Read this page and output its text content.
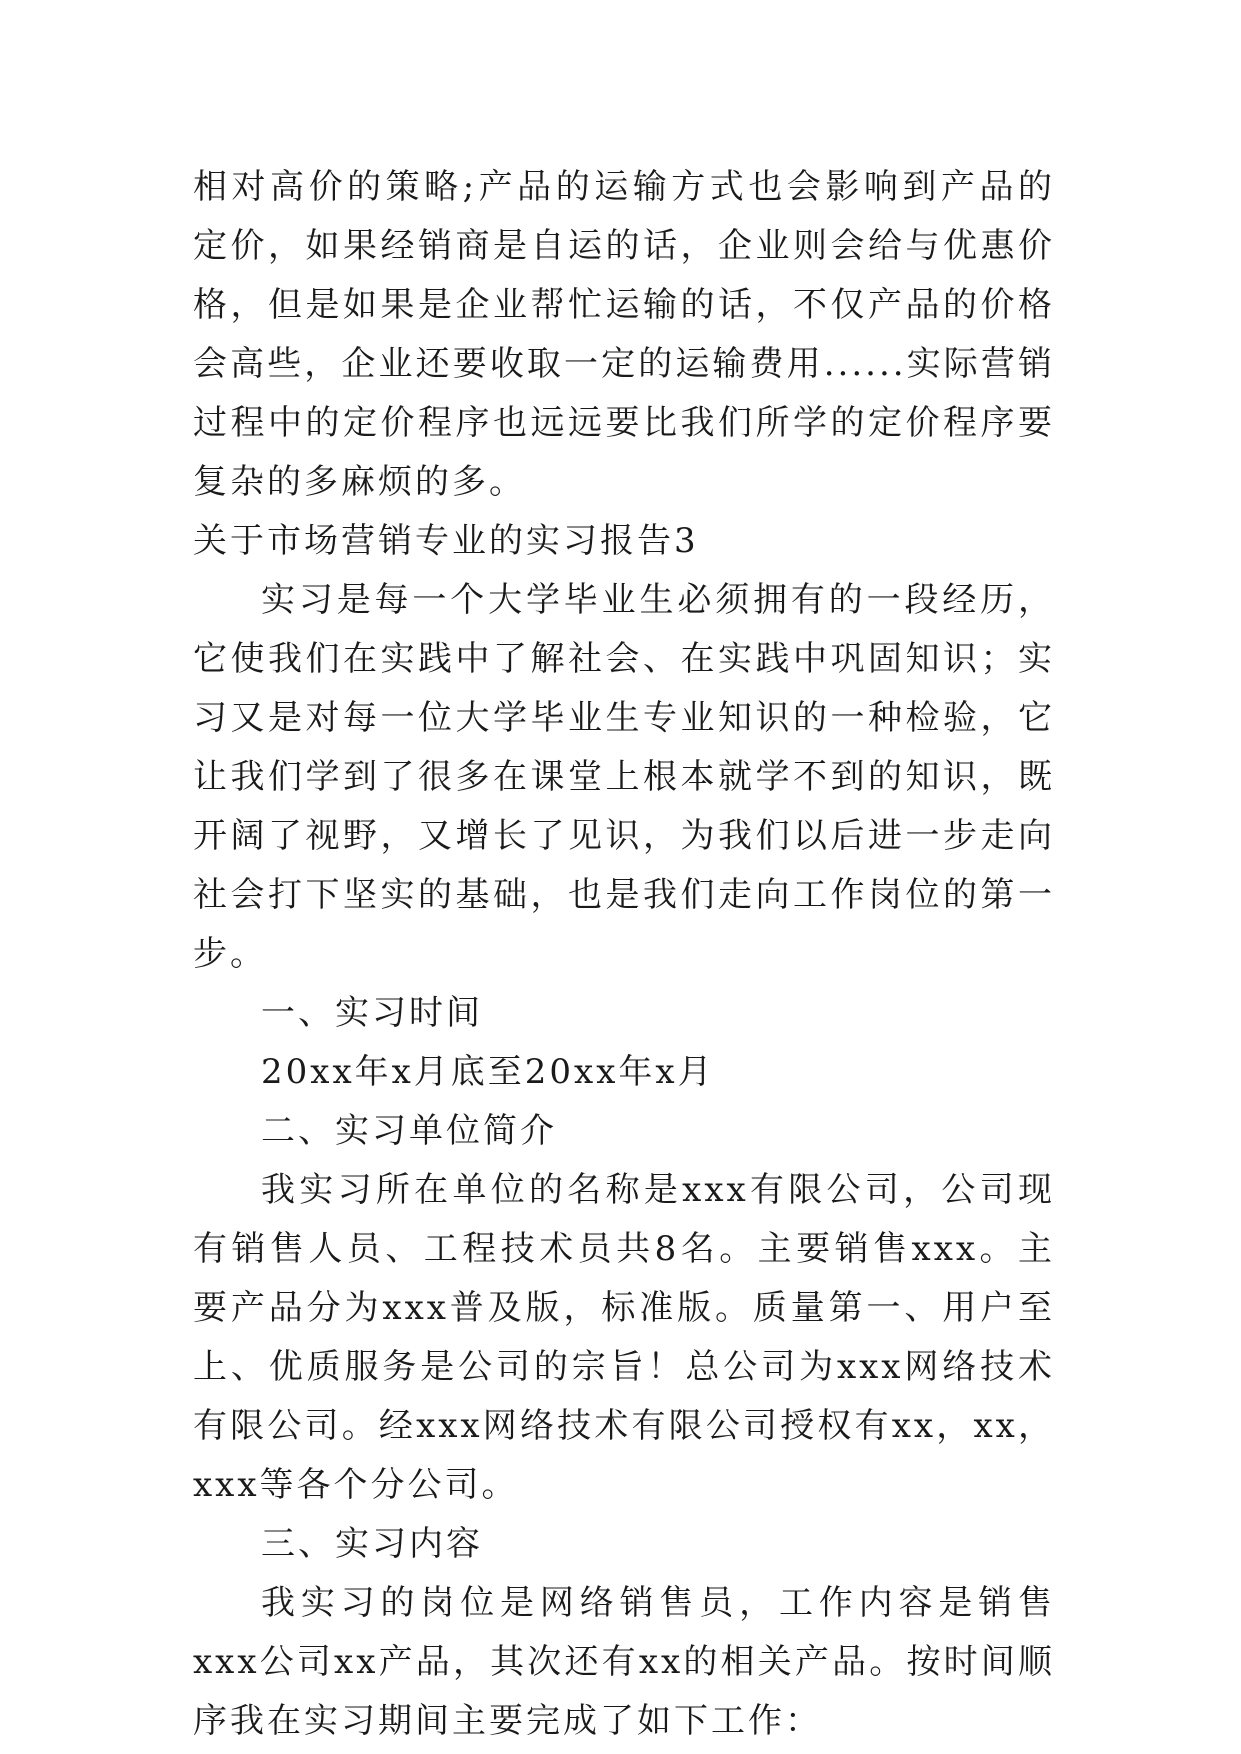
相对高价的策略;产品的运输方式也会影响到产品的定价，如果经销商是自运的话，企业则会给与优惠价格，但是如果是企业帮忙运输的话，不仅产品的价格会高些，企业还要收取一定的运输费用......实际营销过程中的定价程序也远远要比我们所学的定价程序要复杂的多麻烦的多。

关于市场营销专业的实习报告3

实习是每一个大学毕业生必须拥有的一段经历，它使我们在实践中了解社会、在实践中巩固知识；实习又是对每一位大学毕业生专业知识的一种检验，它让我们学到了很多在课堂上根本就学不到的知识，既开阔了视野，又增长了见识，为我们以后进一步走向社会打下坚实的基础，也是我们走向工作岗位的第一步。

一、实习时间

20xx年x月底至20xx年x月

二、实习单位简介

我实习所在单位的名称是xxx有限公司，公司现有销售人员、工程技术员共8名。主要销售xxx。主要产品分为xxx普及版，标准版。质量第一、用户至上、优质服务是公司的宗旨！总公司为xxx网络技术有限公司。经xxx网络技术有限公司授权有xx，xx，xxx等各个分公司。

三、实习内容

我实习的岗位是网络销售员，工作内容是销售xxx公司xx产品，其次还有xx的相关产品。按时间顺序我在实习期间主要完成了如下工作：
